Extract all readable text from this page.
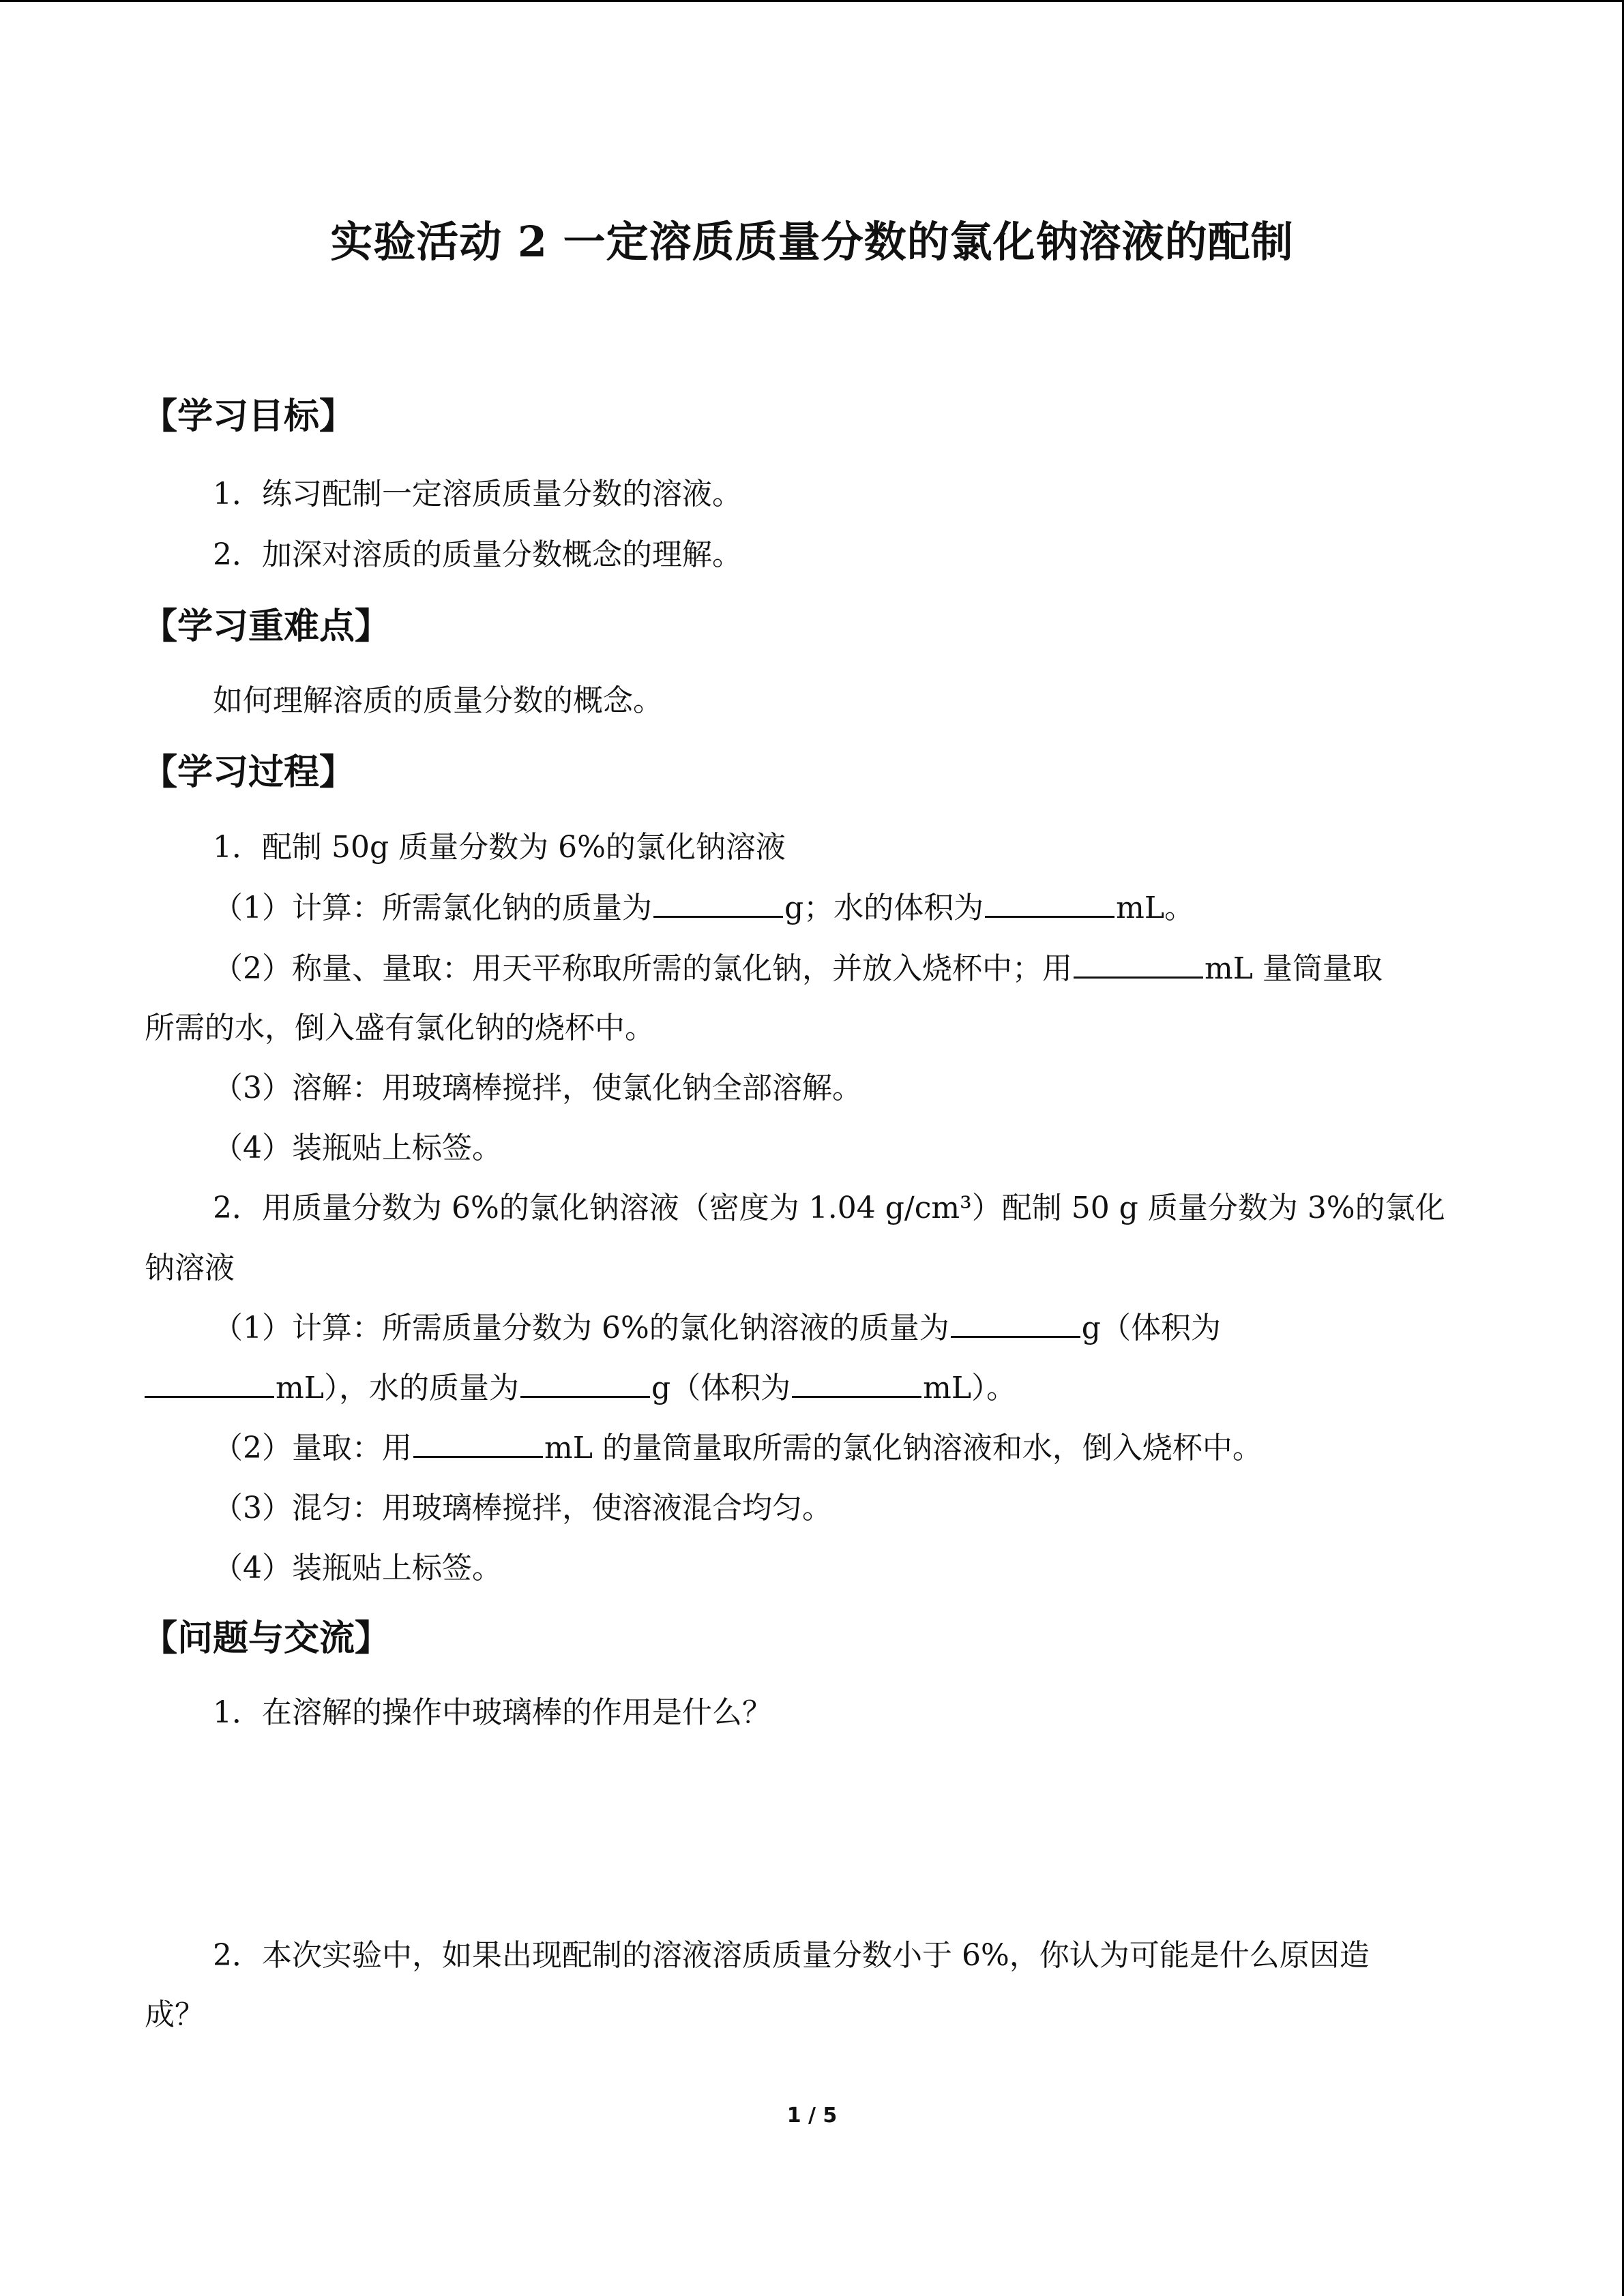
实验活动 2 一定溶质质量分数的氯化钠溶液的配制
【学习目标】
1．练习配制一定溶质质量分数的溶液。
2．加深对溶质的质量分数概念的理解。
【学习重难点】
如何理解溶质的质量分数的概念。
【学习过程】
1．配制 50g 质量分数为 6%的氯化钠溶液
（1）计算：所需氯化钠的质量为	g；水的体积为	mL。
（2）称量、量取：用天平称取所需的氯化钠，并放入烧杯中；用	mL 量筒量取
所需的水，倒入盛有氯化钠的烧杯中。
（3）溶解：用玻璃棒搅拌，使氯化钠全部溶解。
（4）装瓶贴上标签。
2．用质量分数为 6%的氯化钠溶液（密度为 1.04 g/cm³）配制 50 g 质量分数为 3%的氯化
钠溶液
（1）计算：所需质量分数为 6%的氯化钠溶液的质量为	g（体积为
mL），水的质量为	g（体积为	mL）。
（2）量取：用	mL 的量筒量取所需的氯化钠溶液和水，倒入烧杯中。
（3）混匀：用玻璃棒搅拌，使溶液混合均匀。
（4）装瓶贴上标签。
【问题与交流】
1．在溶解的操作中玻璃棒的作用是什么？
2．本次实验中，如果出现配制的溶液溶质质量分数小于 6%，你认为可能是什么原因造
成？
1 / 5
